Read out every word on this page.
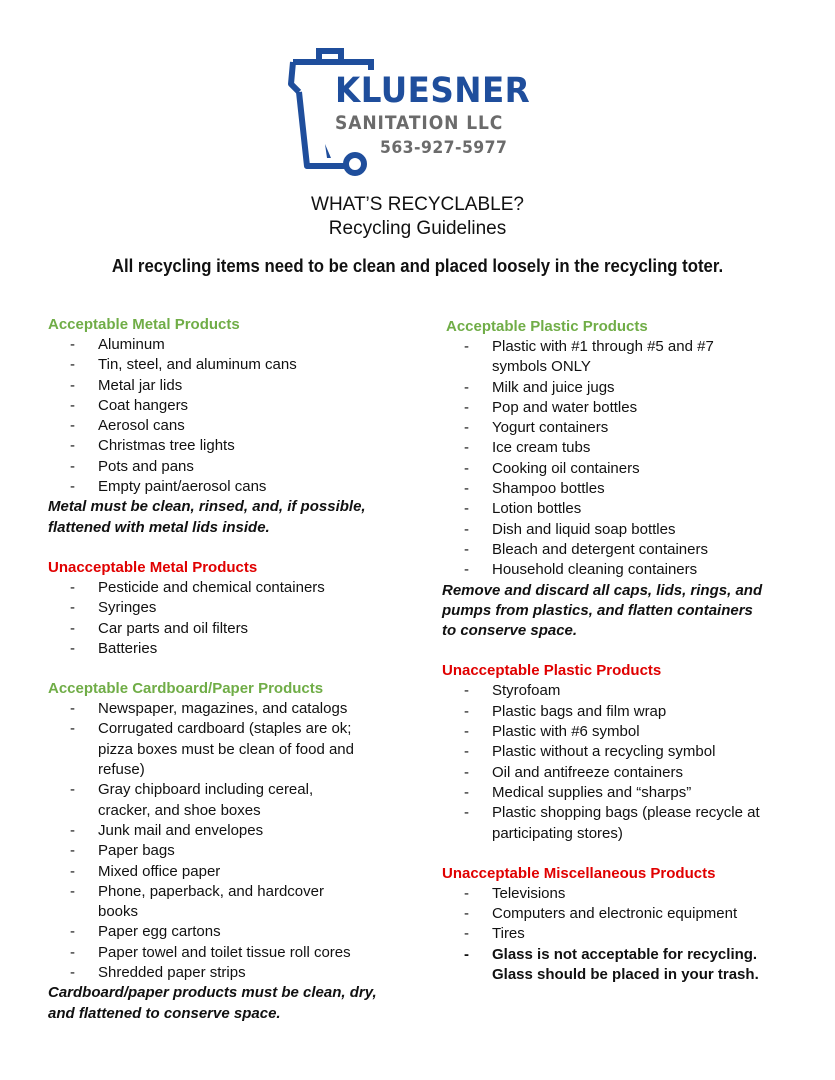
KLUESNER
SANITATION LLC
563-927-5977
WHAT’S RECYCLABLE?
Recycling Guidelines
All recycling items need to be clean and placed loosely in the recycling toter.
Acceptable Metal Products
- Aluminum
- Tin, steel, and aluminum cans
- Metal jar lids
- Coat hangers
- Aerosol cans
- Christmas tree lights
- Pots and pans
- Empty paint/aerosol cans

Metal must be clean, rinsed, and, if possible, flattened with metal lids inside.

Unacceptable Metal Products
- Pesticide and chemical containers
- Syringes
- Car parts and oil filters
- Batteries
Acceptable Cardboard/Paper Products
- Newspaper, magazines, and catalogs
- Corrugated cardboard (staples are ok; pizza boxes must be clean of food and refuse)
- Gray chipboard including cereal, cracker, and shoe boxes
- Junk mail and envelopes
- Paper bags
- Mixed office paper
- Phone, paperback, and hardcover books
- Paper egg cartons
- Paper towel and toilet tissue roll cores
- Shredded paper strips

Cardboard/paper products must be clean, dry, and flattened to conserve space.

Acceptable Plastic Products
- Plastic with #1 through #5 and #7 symbols ONLY
- Milk and juice jugs
- Pop and water bottles
- Yogurt containers
- Ice cream tubs
- Cooking oil containers
- Shampoo bottles
- Lotion bottles
- Dish and liquid soap bottles
- Bleach and detergent containers
- Household cleaning containers

Remove and discard all caps, lids, rings, and pumps from plastics, and flatten containers to conserve space.

Unacceptable Plastic Products
- Styrofoam
- Plastic bags and film wrap
- Plastic with #6 symbol
- Plastic without a recycling symbol
- Oil and antifreeze containers
- Medical supplies and “sharps”
- Plastic shopping bags (please recycle at participating stores)
Unacceptable Miscellaneous Products
- Televisions
- Computers and electronic equipment
- Tires
- Glass is not acceptable for recycling. Glass should be placed in your trash.
